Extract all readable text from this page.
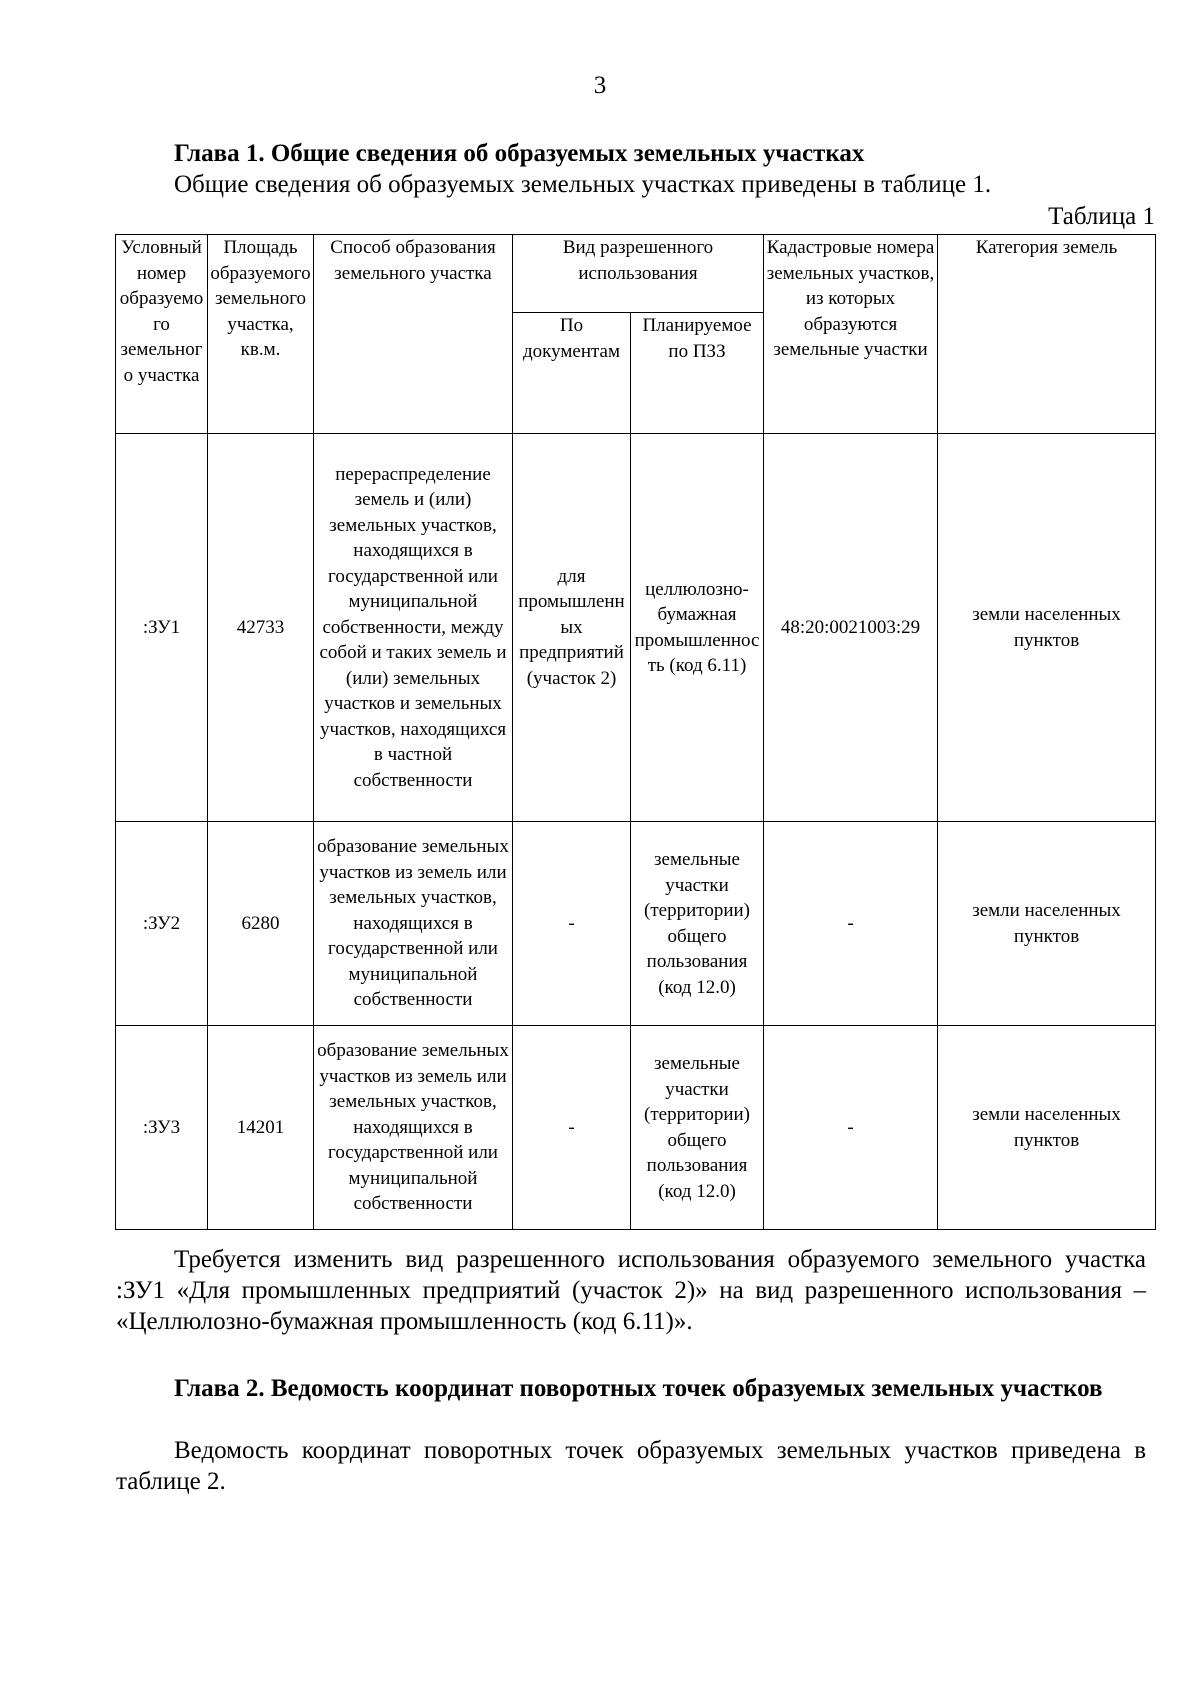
3
Глава 1. Общие сведения об образуемых земельных участках

Общие сведения об образуемых земельных участках приведены в таблице 1.

Таблица 1
Условный номер образуемого земельного участка	Площадь образуемого земельного участка, кв.м.	Способ образования земельного участка	Вид разрешенного использования		Кадастровые номера земельных участков, из которых образуются земельные участки	Категория земель
			По документам	Планируемое по ПЗЗ		
:ЗУ1	42733	перераспределение земель и (или) земельных участков, находящихся в государственной или муниципальной собственности, между собой и таких земель и (или) земельных участков и земельных участков, находящихся в частной собственности	для промышленных предприятий (участок 2)	целлюлозно-бумажная промышленность (код 6.11)	48:20:0021003:29	земли населенных пунктов
:ЗУ2	6280	образование земельных участков из земель или земельных участков, находящихся в государственной или муниципальной собственности	-	земельные участки (территории) общего пользования (код 12.0)	-	земли населенных пунктов
:ЗУ3	14201	образование земельных участков из земель или земельных участков, находящихся в государственной или муниципальной собственности	-	земельные участки (территории) общего пользования (код 12.0)	-	земли населенных пунктов

Требуется изменить вид разрешенного использования образуемого земельного участка :ЗУ1 «Для промышленных предприятий (участок 2)» на вид разрешенного использования – «Целлюлозно-бумажная промышленность (код 6.11)».

Глава 2. Ведомость координат поворотных точек образуемых земельных участков

Ведомость координат поворотных точек образуемых земельных участков приведена в таблице 2.
